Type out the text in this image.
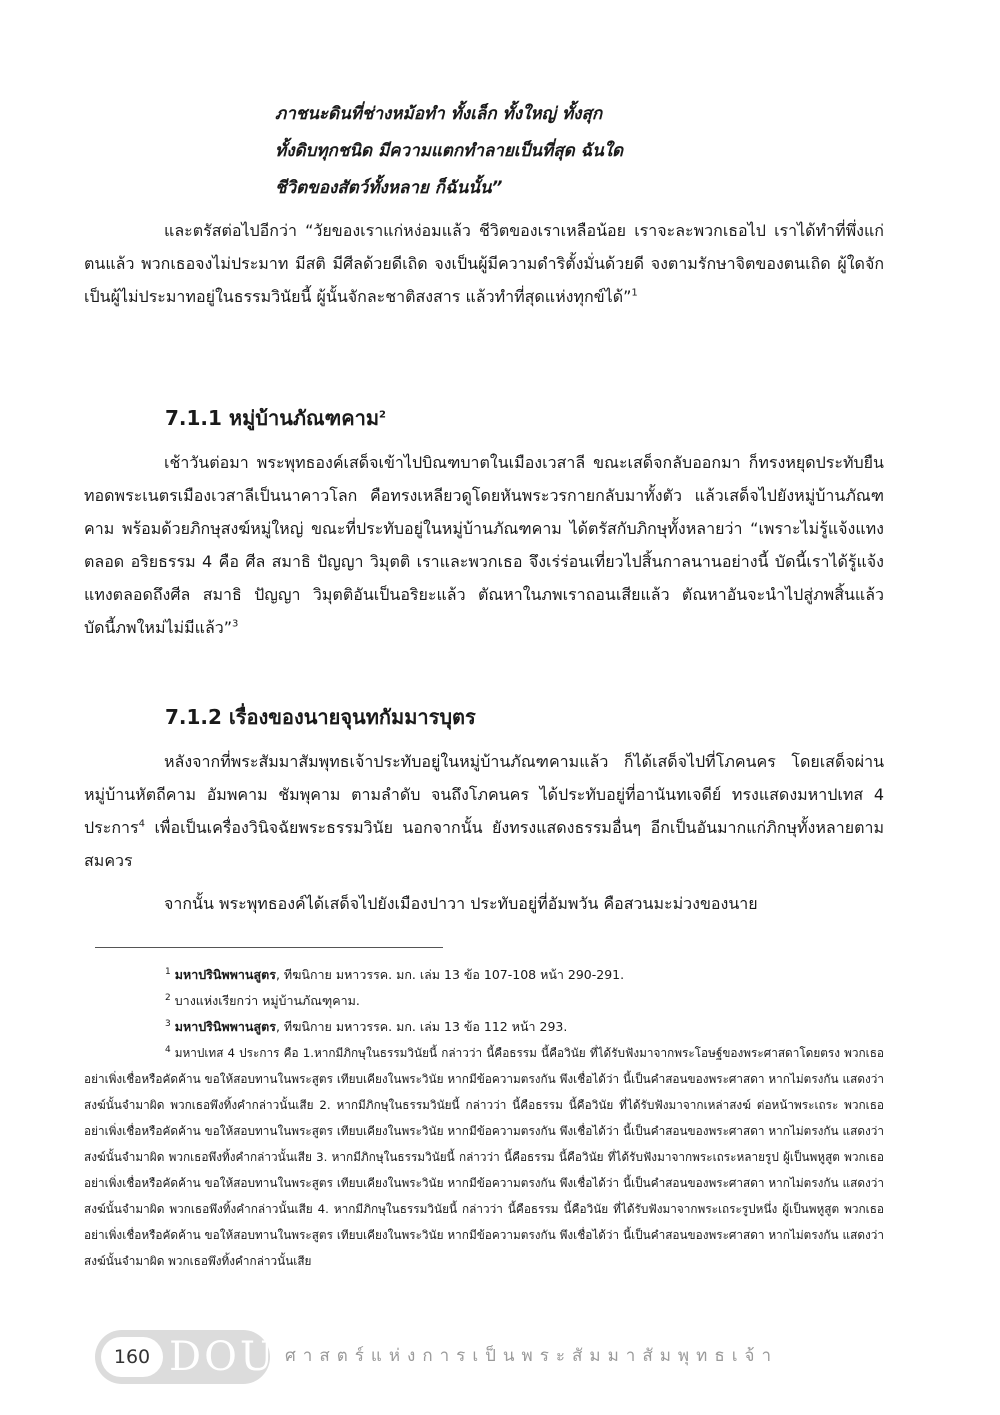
ภาชนะดินที่ช่างหม้อทำ ทั้งเล็ก ทั้งใหญ่ ทั้งสุก
ทั้งดิบทุกชนิด มีความแตกทำลายเป็นที่สุด ฉันใด
ชีวิตของสัตว์ทั้งหลาย ก็ฉันนั้น”

และตรัสต่อไปอีกว่า “วัยของเราแก่หง่อมแล้ว ชีวิตของเราเหลือน้อย เราจะละพวกเธอไป เราได้ทำที่พึ่งแก่ตนแล้ว พวกเธอจงไม่ประมาท มีสติ มีศีลด้วยดีเถิด จงเป็นผู้มีความดำริตั้งมั่นด้วยดี จงตามรักษาจิตของตนเถิด ผู้ใดจักเป็นผู้ไม่ประมาทอยู่ในธรรมวินัยนี้ ผู้นั้นจักละชาติสงสาร แล้วทำที่สุดแห่งทุกข์ได้”$^1$

7.1.1 หมู่บ้านภัณฑคาม$^2$

เช้าวันต่อมา พระพุทธองค์เสด็จเข้าไปบิณฑบาตในเมืองเวสาลี ขณะเสด็จกลับออกมา ก็ทรงหยุดประทับยืนทอดพระเนตรเมืองเวสาลีเป็นนาคาวโลก คือทรงเหลียวดูโดยหันพระวรกายกลับมาทั้งตัว แล้วเสด็จไปยังหมู่บ้านภัณฑคาม พร้อมด้วยภิกษุสงฆ์หมู่ใหญ่ ขณะที่ประทับอยู่ในหมู่บ้านภัณฑคาม ได้ตรัสกับภิกษุทั้งหลายว่า “เพราะไม่รู้แจ้งแทงตลอด อริยธรรม 4 คือ ศีล สมาธิ ปัญญา วิมุตติ เราและพวกเธอ จึงเร่ร่อนเที่ยวไปสิ้นกาลนานอย่างนี้ บัดนี้เราได้รู้แจ้งแทงตลอดถึงศีล สมาธิ ปัญญา วิมุตติอันเป็นอริยะแล้ว ตัณหาในภพเราถอนเสียแล้ว ตัณหาอันจะนำไปสู่ภพสิ้นแล้ว บัดนี้ภพใหม่ไม่มีแล้ว”$^3$

7.1.2 เรื่องของนายจุนทกัมมารบุตร

หลังจากที่พระสัมมาสัมพุทธเจ้าประทับอยู่ในหมู่บ้านภัณฑคามแล้ว ก็ได้เสด็จไปที่โภคนคร โดยเสด็จผ่านหมู่บ้านหัตถีคาม อัมพคาม ชัมพุคาม ตามลำดับ จนถึงโภคนคร ได้ประทับอยู่ที่อานันทเจดีย์ ทรงแสดงมหาปเทส 4 ประการ$^4$ เพื่อเป็นเครื่องวินิจฉัยพระธรรมวินัย นอกจากนั้น ยังทรงแสดงธรรมอื่นๆ อีกเป็นอันมากแก่ภิกษุทั้งหลายตามสมควร

จากนั้น พระพุทธองค์ได้เสด็จไปยังเมืองปาวา ประทับอยู่ที่อัมพวัน คือสวนมะม่วงของนาย

$^1$ มหาปรินิพพานสูตร, ทีฆนิกาย มหาวรรค. มก. เล่ม 13 ข้อ 107-108 หน้า 290-291.

$^2$ บางแห่งเรียกว่า หมู่บ้านภัณฑุคาม.

$^3$ มหาปรินิพพานสูตร, ทีฆนิกาย มหาวรรค. มก. เล่ม 13 ข้อ 112 หน้า 293.

$^4$ มหาปเทส 4 ประการ คือ 1.หากมีภิกษุในธรรมวินัยนี้ กล่าวว่า นี้คือธรรม นี้คือวินัย ที่ได้รับฟังมาจากพระโอษฐ์ของพระศาสดาโดยตรง พวกเธออย่าเพิ่งเชื่อหรือคัดค้าน ขอให้สอบทานในพระสูตร เทียบเคียงในพระวินัย หากมีข้อความตรงกัน พึงเชื่อได้ว่า นี้เป็นคำสอนของพระศาสดา หากไม่ตรงกัน แสดงว่าสงฆ์นั้นจำมาผิด พวกเธอพึงทิ้งคำกล่าวนั้นเสีย 2. หากมีภิกษุในธรรมวินัยนี้ กล่าวว่า นี้คือธรรม นี้คือวินัย ที่ได้รับฟังมาจากเหล่าสงฆ์ ต่อหน้าพระเถระ พวกเธออย่าเพิ่งเชื่อหรือคัดค้าน ขอให้สอบทานในพระสูตร เทียบเคียงในพระวินัย หากมีข้อความตรงกัน พึงเชื่อได้ว่า นี้เป็นคำสอนของพระศาสดา หากไม่ตรงกัน แสดงว่าสงฆ์นั้นจำมาผิด พวกเธอพึงทิ้งคำกล่าวนั้นเสีย 3. หากมีภิกษุในธรรมวินัยนี้ กล่าวว่า นี้คือธรรม นี้คือวินัย ที่ได้รับฟังมาจากพระเถระหลายรูป ผู้เป็นพหูสูต พวกเธออย่าเพิ่งเชื่อหรือคัดค้าน ขอให้สอบทานในพระสูตร เทียบเคียงในพระวินัย หากมีข้อความตรงกัน พึงเชื่อได้ว่า นี้เป็นคำสอนของพระศาสดา หากไม่ตรงกัน แสดงว่าสงฆ์นั้นจำมาผิด พวกเธอพึงทิ้งคำกล่าวนั้นเสีย 4. หากมีภิกษุในธรรมวินัยนี้ กล่าวว่า นี้คือธรรม นี้คือวินัย ที่ได้รับฟังมาจากพระเถระรูปหนึ่ง ผู้เป็นพหูสูต พวกเธออย่าเพิ่งเชื่อหรือคัดค้าน ขอให้สอบทานในพระสูตร เทียบเคียงในพระวินัย หากมีข้อความตรงกัน พึงเชื่อได้ว่า นี้เป็นคำสอนของพระศาสดา หากไม่ตรงกัน แสดงว่าสงฆ์นั้นจำมาผิด พวกเธอพึงทิ้งคำกล่าวนั้นเสีย

160 DOU ศาสตร์แห่งการเป็นพระสัมมาสัมพุทธเจ้า
